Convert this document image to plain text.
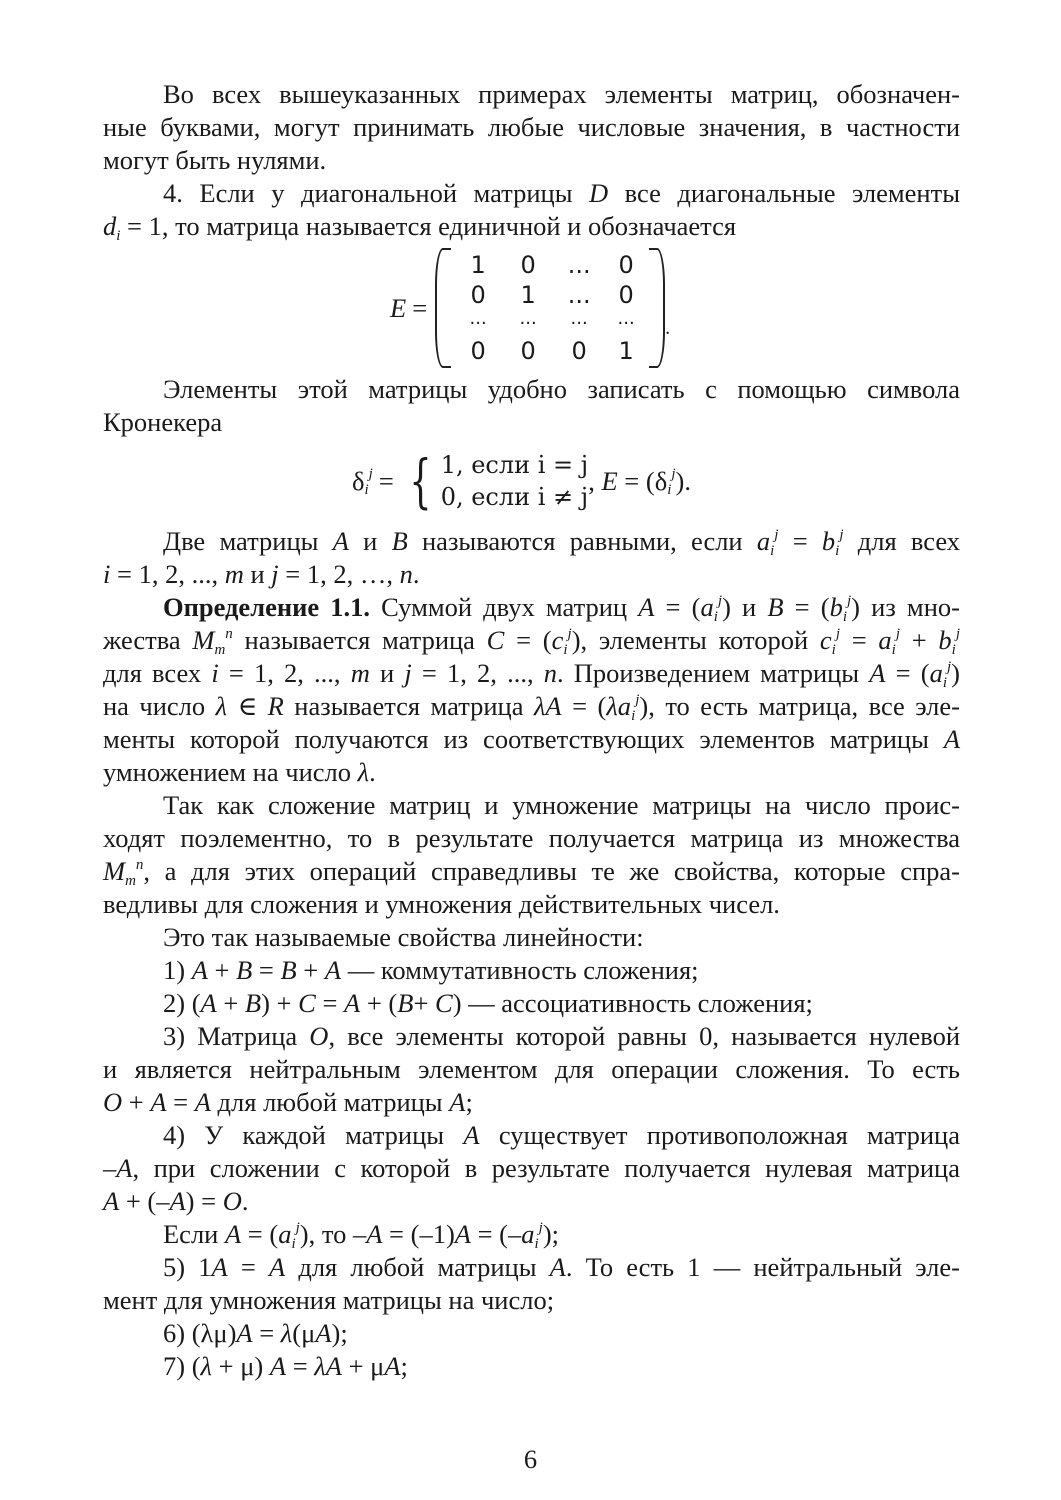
Во всех вышеуказанных примерах элементы матриц, обозначен-
ные буквами, могут принимать любые числовые значения, в частности
могут быть нулями.
4. Если у диагональной матрицы D все диагональные элементы
$d_i = 1$, то матрица называется единичной и обозначается
E =
1	0	...	0
0	1	...	0
...	...	...	...
0	0	0	1
.
Элементы этой матрицы удобно записать с помощью символа
Кронекера
δ $_i^j$ = { 1, если i = j
0, если i ≠ j
, E = (δ $_i^j$ ).
Две матрицы A и B называются равными, если $a_i^j = b_i^j$ для всех
i = 1, 2, ..., m и j = 1, 2, …, n.
Определение 1.1. Суммой двух матриц $A = (a_i^j)$ и $B = (b_i^j)$ из мно-
жества $M_m^n$ называется матрица $C = (c_i^j)$, элементы которой $c_i^j = a_i^j + b_i^j$
для всех i = 1, 2, ..., m и j = 1, 2, ..., n. Произведением матрицы $A = (a_i^j)$
на число λ ∈ R называется матрица $\lambda A = (\lambda a_i^j)$, то есть матрица, все эле-
менты которой получаются из соответствующих элементов матрицы A
умножением на число λ.
Так как сложение матриц и умножение матрицы на число проис-
ходят поэлементно, то в результате получается матрица из множества
$M_m^n$, а для этих операций справедливы те же свойства, которые спра-
ведливы для сложения и умножения действительных чисел.
Это так называемые свойства линейности:
1) A + B = B + A — коммутативность сложения;
2) (A + B) + C = A + (B+ C) — ассоциативность сложения;
3) Матрица O, все элементы которой равны 0, называется нулевой
и является нейтральным элементом для операции сложения. То есть
O + A = A для любой матрицы A;
4) У каждой матрицы A существует противоположная матрица
–A, при сложении с которой в результате получается нулевая матрица
A + (–A) = O.
Если $A = (a_i^j)$, то $-A = (-1)A = (-a_i^j)$;
5) 1A = A для любой матрицы A. То есть 1 — нейтральный эле-
мент для умножения матрицы на число;
6) (λμ)A = λ(μA);
7) (λ + μ) A = λA + μA;
6
